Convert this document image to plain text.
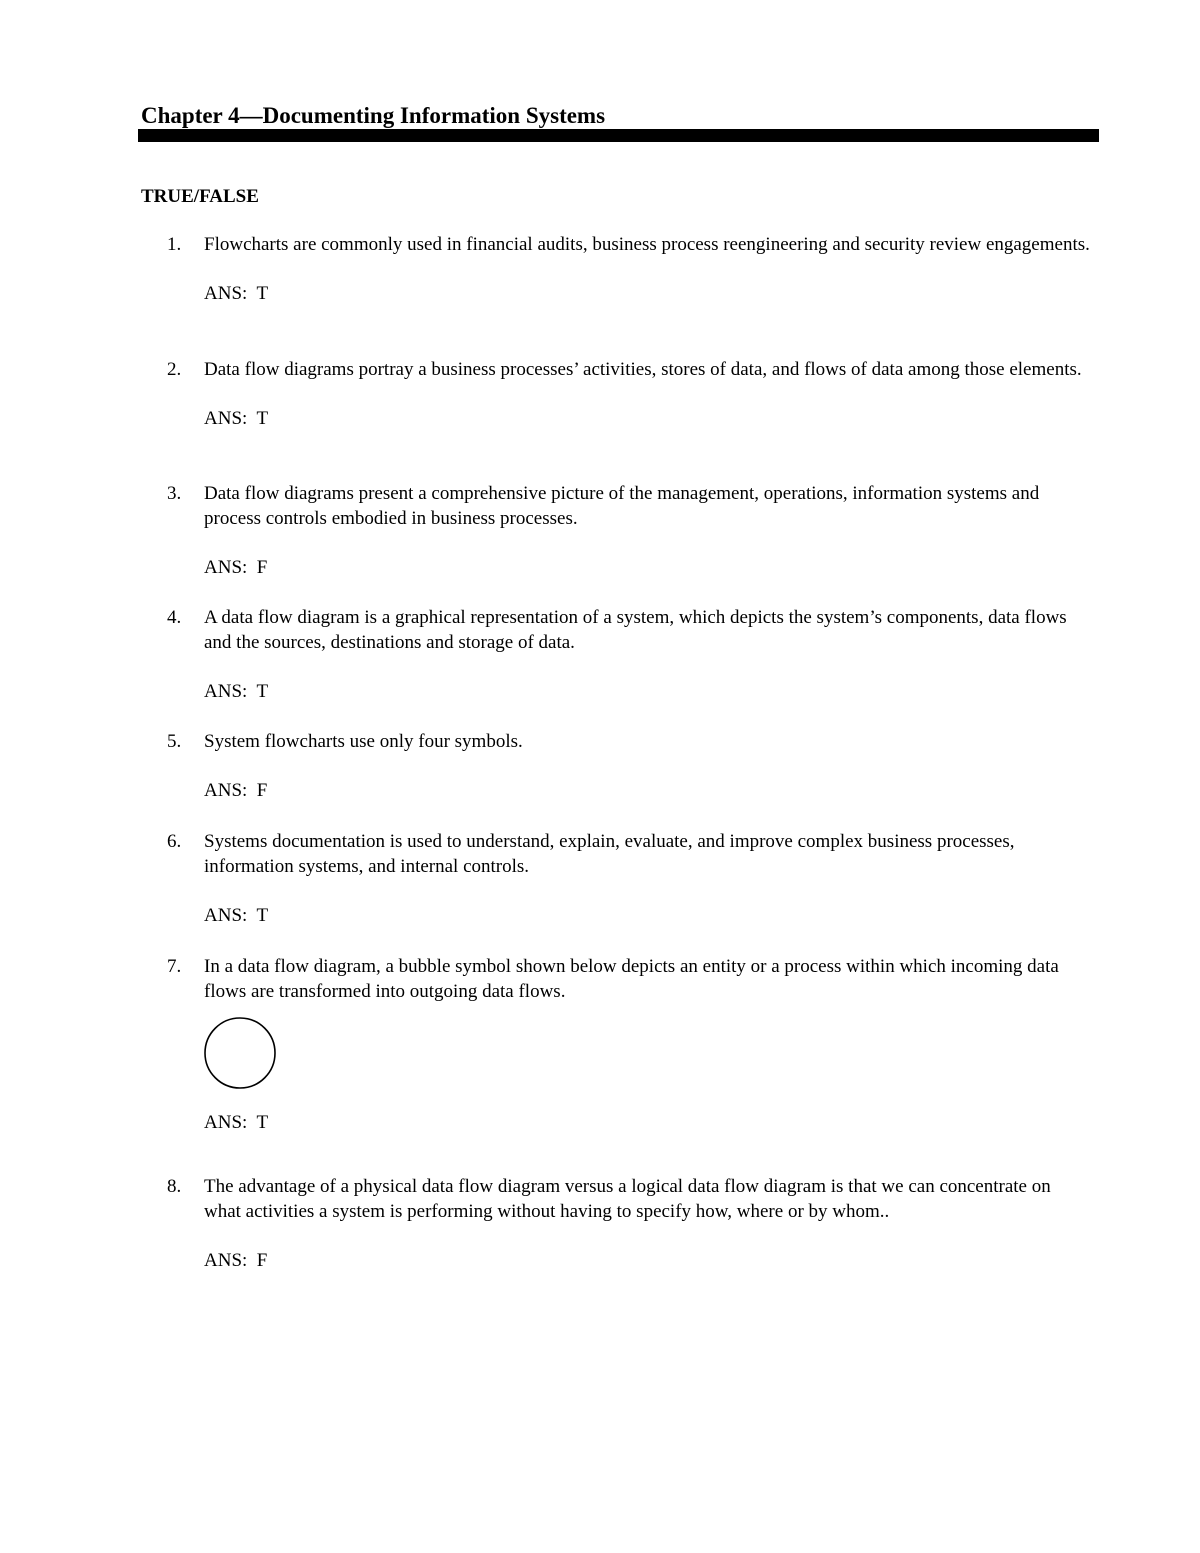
Chapter 4—Documenting Information Systems
TRUE/FALSE
1.	Flowcharts are commonly used in financial audits, business process reengineering and security review engagements.
ANS:  T
2.	Data flow diagrams portray a business processes’ activities, stores of data, and flows of data among those elements.
ANS:  T
3.	Data flow diagrams present a comprehensive picture of the management, operations, information systems and process controls embodied in business processes.
ANS:  F
4.	A data flow diagram is a graphical representation of a system, which depicts the system’s components, data flows and the sources, destinations and storage of data.
ANS:  T
5.	System flowcharts use only four symbols.
ANS:  F
6.	Systems documentation is used to understand, explain, evaluate, and improve complex business processes, information systems, and internal controls.
ANS:  T
7.	In a data flow diagram, a bubble symbol shown below depicts an entity or a process within which incoming data flows are transformed into outgoing data flows.
ANS:  T
8.	The advantage of a physical data flow diagram versus a logical data flow diagram is that we can concentrate on what activities a system is performing without having to specify how, where or by whom..
ANS:  F
